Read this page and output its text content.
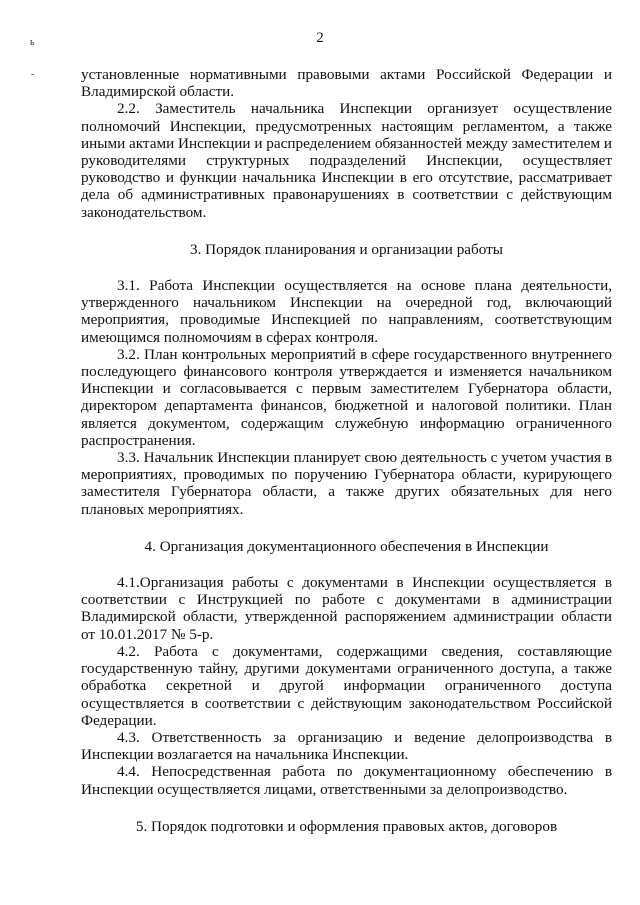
2
ь
-	установленные нормативными правовыми актами Российской Федерации и Владимирской области.

2.2. Заместитель начальника Инспекции организует осуществление полномочий Инспекции, предусмотренных настоящим регламентом, а также иными актами Инспекции и распределением обязанностей между заместителем и руководителями структурных подразделений Инспекции, осуществляет руководство и функции начальника Инспекции в его отсутствие, рассматривает дела об административных правонарушениях в соответствии с действующим законодательством.

3. Порядок планирования и организации работы

3.1. Работа Инспекции осуществляется на основе плана деятельности, утвержденного начальником Инспекции на очередной год, включающий мероприятия, проводимые Инспекцией по направлениям, соответствующим имеющимся полномочиям в сферах контроля.

3.2. План контрольных мероприятий в сфере государственного внутреннего последующего финансового контроля утверждается и изменяется начальником Инспекции и согласовывается с первым заместителем Губернатора области, директором департамента финансов, бюджетной и налоговой политики. План является документом, содержащим служебную информацию ограниченного распространения.

3.3. Начальник Инспекции планирует свою деятельность с учетом участия в мероприятиях, проводимых по поручению Губернатора области, курирующего заместителя Губернатора области, а также других обязательных для него плановых мероприятиях.

4. Организация документационного обеспечения в Инспекции

4.1.Организация работы с документами в Инспекции осуществляется в соответствии с Инструкцией по работе с документами в администрации Владимирской области, утвержденной распоряжением администрации области от 10.01.2017 № 5-р.

4.2. Работа с документами, содержащими сведения, составляющие государственную тайну, другими документами ограниченного доступа, а также обработка секретной и другой информации ограниченного доступа осуществляется в соответствии с действующим законодательством Российской Федерации.

4.3. Ответственность за организацию и ведение делопроизводства в Инспекции возлагается на начальника Инспекции.

4.4. Непосредственная работа по документационному обеспечению в Инспекции осуществляется лицами, ответственными за делопроизводство.

5. Порядок подготовки и оформления правовых актов, договоров
